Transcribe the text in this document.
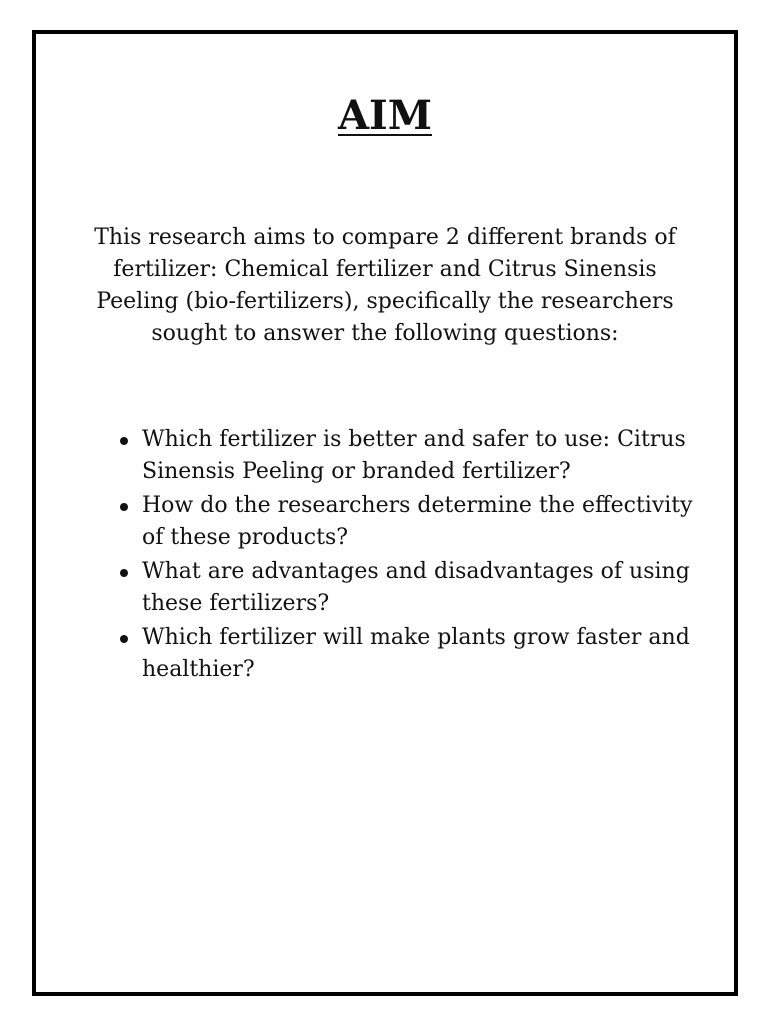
AIM

This research aims to compare 2 different brands of fertilizer: Chemical fertilizer and Citrus Sinensis Peeling (bio-fertilizers), specifically the researchers sought to answer the following questions:

Which fertilizer is better and safer to use: Citrus Sinensis Peeling or branded fertilizer?
How do the researchers determine the effectivity of these products?
What are advantages and disadvantages of using these fertilizers?
Which fertilizer will make plants grow faster and healthier?
